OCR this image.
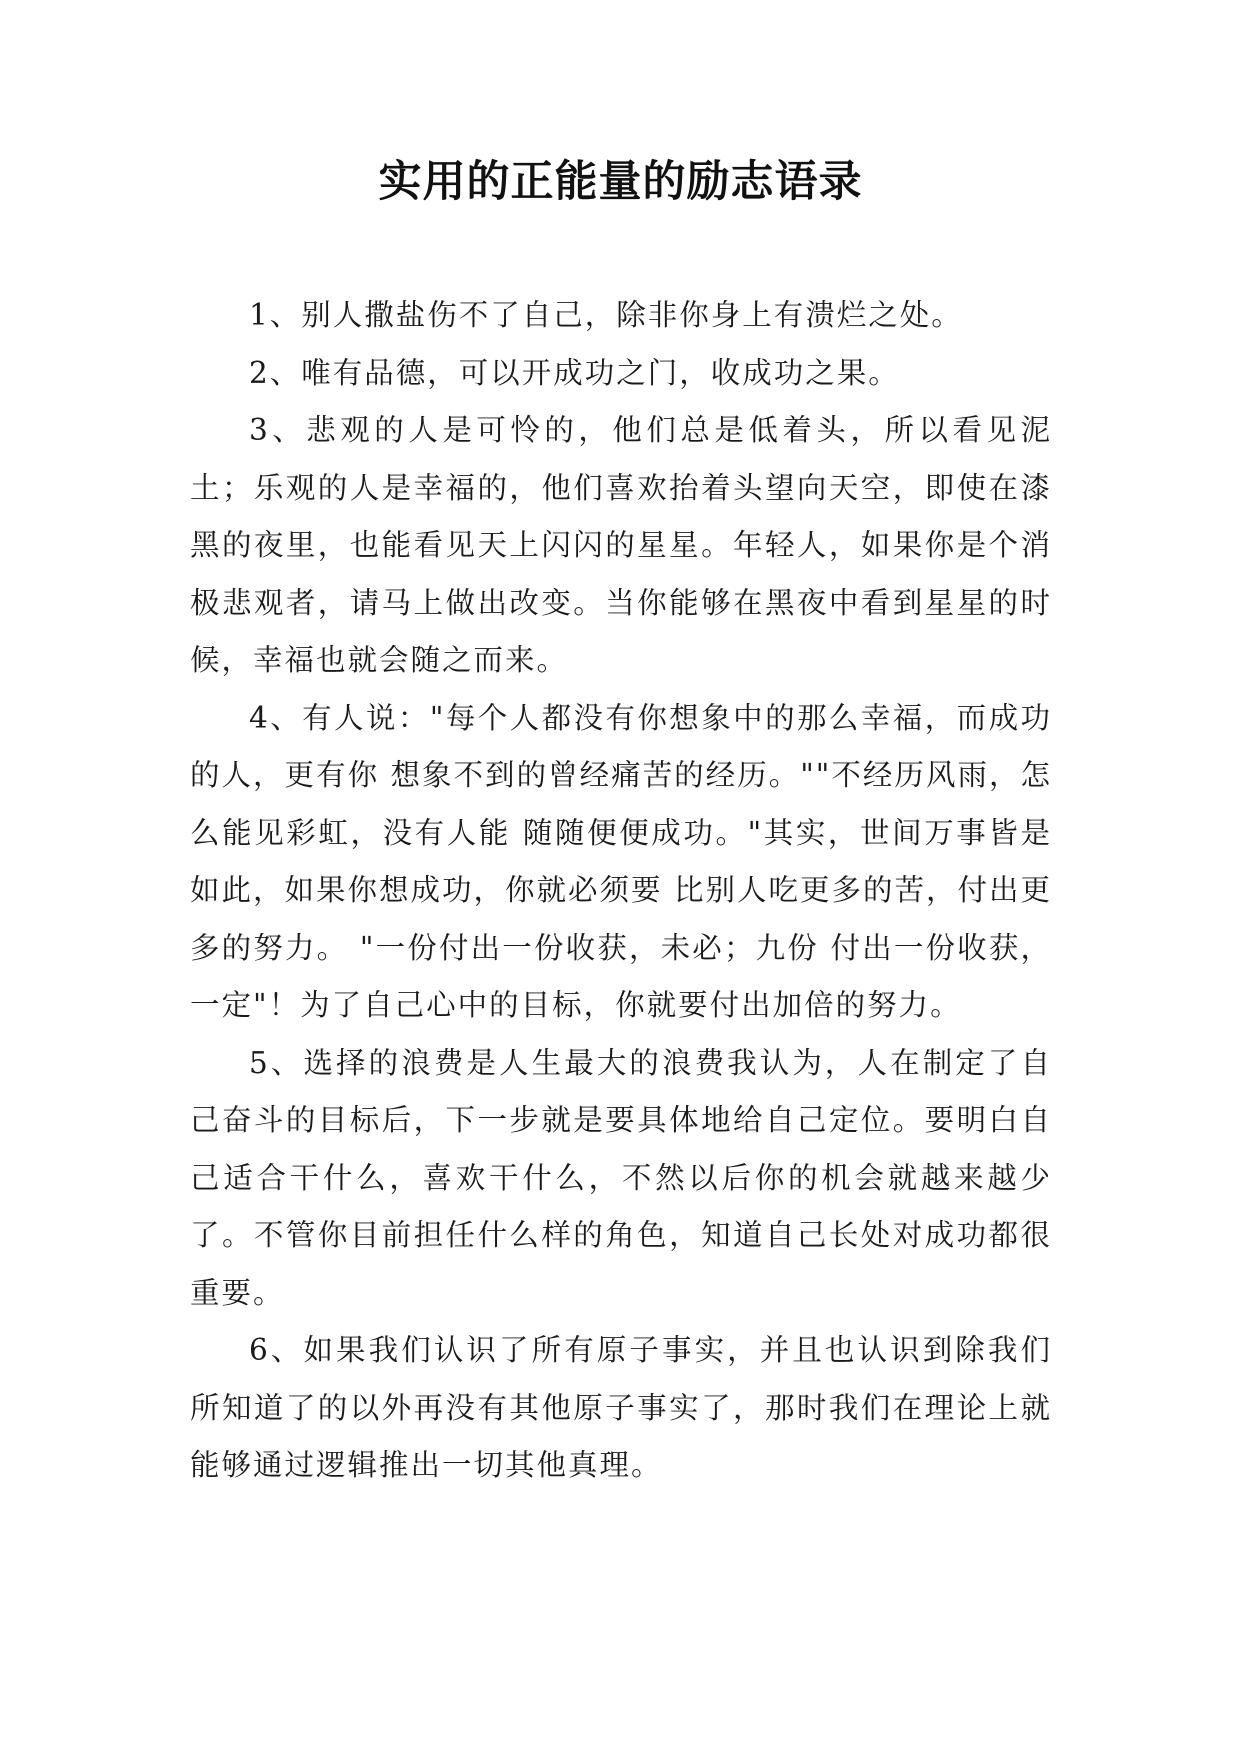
实用的正能量的励志语录

1、别人撒盐伤不了自己，除非你身上有溃烂之处。

2、唯有品德，可以开成功之门，收成功之果。

3、悲观的人是可怜的，他们总是低着头，所以看见泥土；乐观的人是幸福的，他们喜欢抬着头望向天空，即使在漆黑的夜里，也能看见天上闪闪的星星。年轻人，如果你是个消极悲观者，请马上做出改变。当你能够在黑夜中看到星星的时候，幸福也就会随之而来。

4、有人说："每个人都没有你想象中的那么幸福，而成功的人，更有你 想象不到的曾经痛苦的经历。""不经历风雨，怎么能见彩虹，没有人能 随随便便成功。"其实，世间万事皆是如此，如果你想成功，你就必须要 比别人吃更多的苦，付出更多的努力。 "一份付出一份收获，未必；九份 付出一份收获，一定"！为了自己心中的目标，你就要付出加倍的努力。

5、选择的浪费是人生最大的浪费我认为，人在制定了自己奋斗的目标后，下一步就是要具体地给自己定位。要明白自己适合干什么，喜欢干什么，不然以后你的机会就越来越少了。不管你目前担任什么样的角色，知道自己长处对成功都很重要。

6、如果我们认识了所有原子事实，并且也认识到除我们所知道了的以外再没有其他原子事实了，那时我们在理论上就能够通过逻辑推出一切其他真理。
